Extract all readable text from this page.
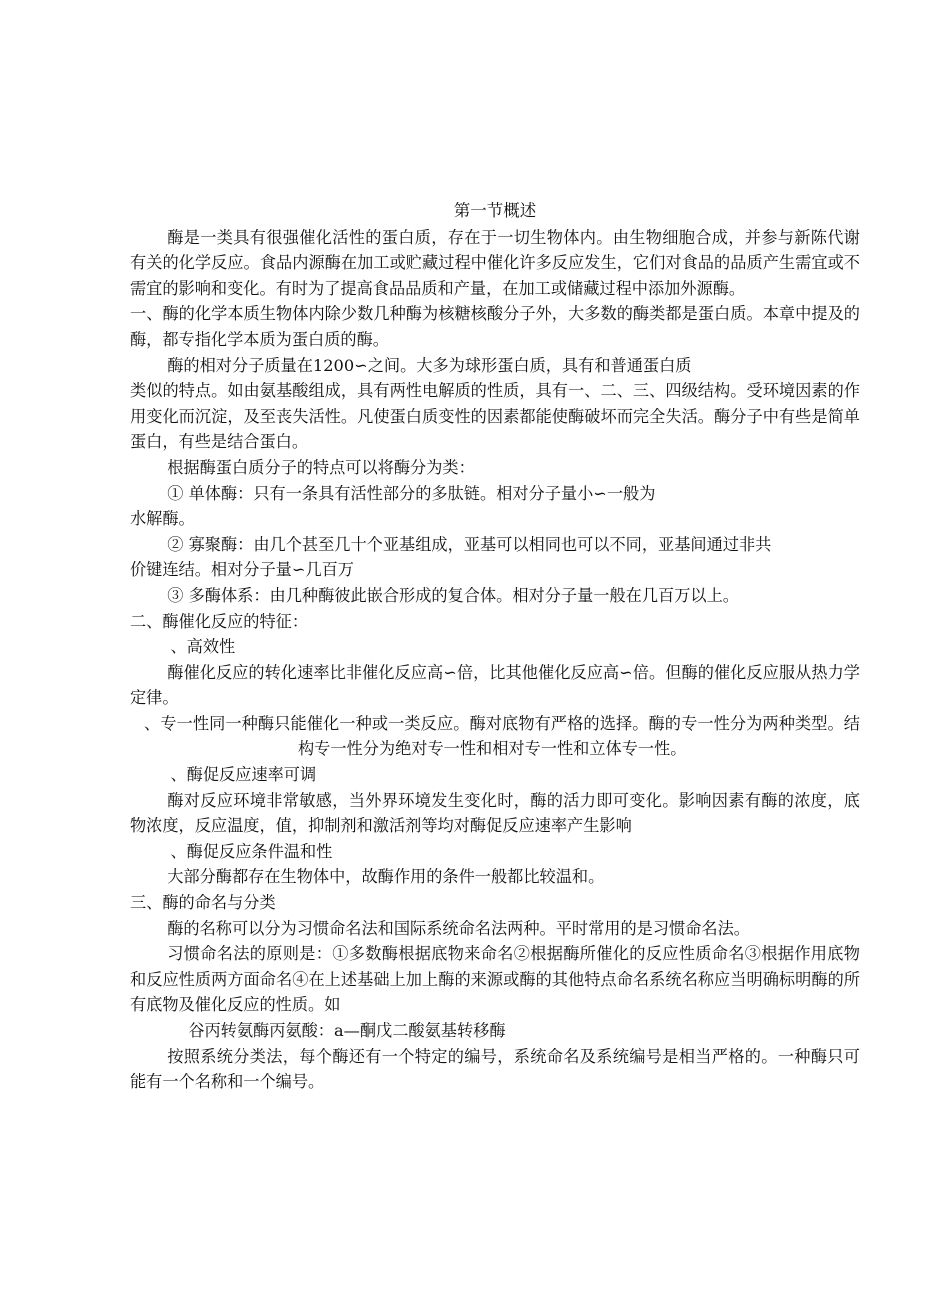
第一节概述

酶是一类具有很强催化活性的蛋白质，存在于一切生物体内。由生物细胞合成，并参与新陈代谢有关的化学反应。食品内源酶在加工或贮藏过程中催化许多反应发生，它们对食品的品质产生需宜或不需宜的影响和变化。有时为了提高食品品质和产量，在加工或储藏过程中添加外源酶。

一、酶的化学本质生物体内除少数几种酶为核糖核酸分子外，大多数的酶类都是蛋白质。本章中提及的酶，都专指化学本质为蛋白质的酶。

酶的相对分子质量在1200∽之间。大多为球形蛋白质，具有和普通蛋白质

类似的特点。如由氨基酸组成，具有两性电解质的性质，具有一、二、三、四级结构。受环境因素的作用变化而沉淀，及至丧失活性。凡使蛋白质变性的因素都能使酶破坏而完全失活。酶分子中有些是简单蛋白，有些是结合蛋白。

根据酶蛋白质分子的特点可以将酶分为类：

① 单体酶：只有一条具有活性部分的多肽链。相对分子量小∽一般为

水解酶。

② 寡聚酶：由几个甚至几十个亚基组成，亚基可以相同也可以不同，亚基间通过非共

价键连结。相对分子量∽几百万

③ 多酶体系：由几种酶彼此嵌合形成的复合体。相对分子量一般在几百万以上。

二、酶催化反应的特征：

、高效性

酶催化反应的转化速率比非催化反应高∽倍，比其他催化反应高∽倍。但酶的催化反应服从热力学定律。

、专一性同一种酶只能催化一种或一类反应。酶对底物有严格的选择。酶的专一性分为两种类型。结构专一性分为绝对专一性和相对专一性和立体专一性。

、酶促反应速率可调

酶对反应环境非常敏感，当外界环境发生变化时，酶的活力即可变化。影响因素有酶的浓度，底物浓度，反应温度，值，抑制剂和激活剂等均对酶促反应速率产生影响

、酶促反应条件温和性

大部分酶都存在生物体中，故酶作用的条件一般都比较温和。

三、酶的命名与分类

酶的名称可以分为习惯命名法和国际系统命名法两种。平时常用的是习惯命名法。

习惯命名法的原则是：①多数酶根据底物来命名②根据酶所催化的反应性质命名③根据作用底物和反应性质两方面命名④在上述基础上加上酶的来源或酶的其他特点命名系统名称应当明确标明酶的所有底物及催化反应的性质。如

谷丙转氨酶丙氨酸：a—酮戊二酸氨基转移酶

按照系统分类法，每个酶还有一个特定的编号，系统命名及系统编号是相当严格的。一种酶只可能有一个名称和一个编号。
